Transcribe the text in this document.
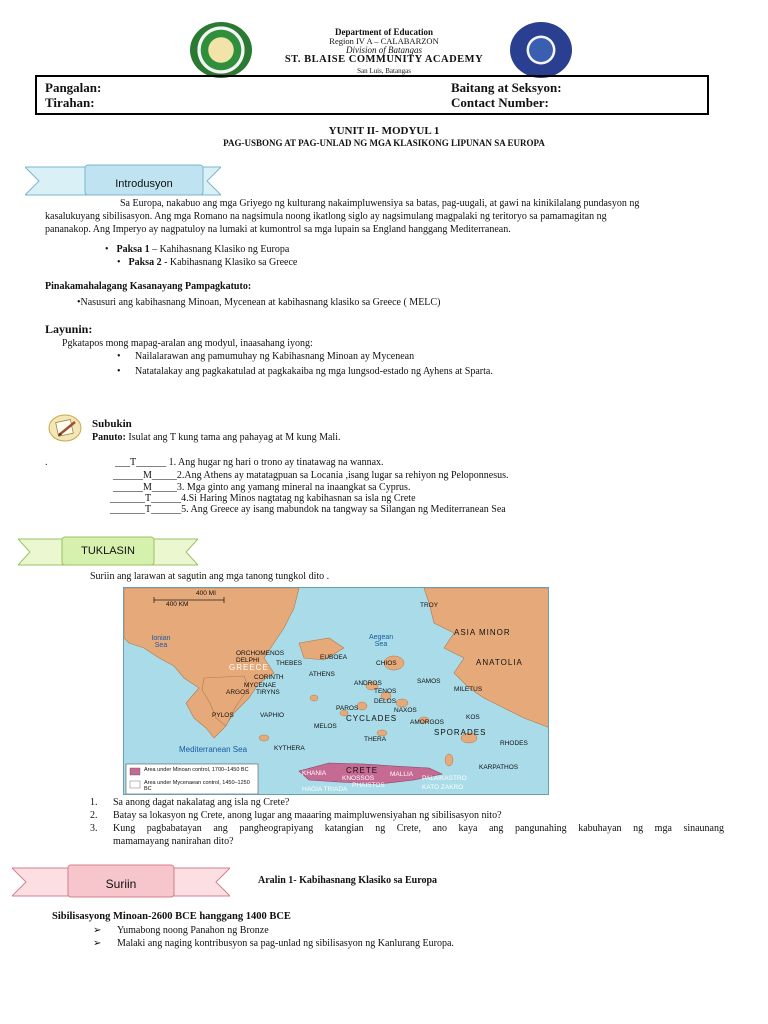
Department of Education
Region IV A – CALABARZON
Division of Batangas
ST. BLAISE COMMUNITY ACADEMY
San Luis, Batangas
Pangalan:
Tirahan:
Baitang at Seksyon:
Contact Number:
YUNIT II- MODYUL 1
PAG-USBONG AT PAG-UNLAD NG MGA KLASIKONG LIPUNAN SA EUROPA
Introdusyon
Sa Europa, nakabuo ang mga Griyego ng kulturang nakaimpluwensiya sa batas, pag-uugali, at gawi na kinikilalang pundasyon ng
kasalukuyang sibilisasyon. Ang mga Romano na nagsimula noong ikatlong siglo ay nagsimulang magpalaki ng teritoryo sa pamamagitan ng
pananakop. Ang Imperyo ay nagpatuloy na lumaki at kumontrol sa mga lupain sa England hanggang Mediterranean.
• Paksa 1 – Kahihasnang Klasiko ng Europa
• Paksa 2 - Kabihasnang Klasiko sa Greece
Pinakamahalagang Kasanayang Pampagkatuto:
•Nasusuri ang kabihasnang Minoan, Mycenean at kabihasnang klasiko sa Greece ( MELC)
Layunin:
Pgkatapos mong mapag-aralan ang modyul, inaasahang iyong:
• Nailalarawan ang pamumuhay ng Kabihasnang Minoan ay Mycenean
• Natatalakay ang pagkakatulad at pagkakaiba ng mga lungsod-estado ng Ayhens at Sparta.
Subukin
Panuto: Isulat ang T kung tama ang pahayag at M kung Mali.
.	___T______ 1. Ang hugar ng hari o trono ay tinatawag na wannax.
______M_____2.Ang Athens ay matatagpuan sa Locania ,isang lugar sa rehiyon ng Peloponnesus.
______M_____3. Mga ginto ang yamang mineral na inaangkat sa Cyprus.
_______T______4.Si Haring Minos nagtatag ng kabihasnan sa isla ng Crete
_______T______5. Ang Greece ay isang mabundok na tangway sa Silangan ng Mediterranean Sea
TUKLASIN
Suriin ang larawan at sagutin ang mga tanong tungkol dito .
400 MI
400 KM
Ionian Sea
Aegean Sea
Mediterranean Sea
ASIA MINOR
ANATOLIA
GREECE
CRETE
SPORADES
CYCLADES
EUBOEA
TROY
ORCHOMENOS
DELPHI	THEBES
CORINTH
MYCENAE
ARGOS TIRYNS
ATHENS
PYLOS	VAPHIO
CHIOS
MILETUS
SAMOS
ANDROS
TENOS
DELOS
MELOS
PAROS	NAXOS
AMORGOS
KOS
THERA
KYTHERA
RHODES
KARPATHOS
KHANIA
KNOSSOS
MALLIA
PHAISTOS
HAGIA TRIADA
PALAIKASTRO
KATO ZAKRO
Area under Minoan control, 1700–1450 BC
Area under Mycenaean control, 1450–1250 BC
1.	Sa anong dagat nakalatag ang isla ng Crete?
2.	Batay sa lokasyon ng Crete, anong lugar ang maaaring maimpluwensiyahan ng sibilisasyon nito?
3.	Kung pagbabatayan ang pangheograpiyang katangian ng Crete, ano kaya ang pangunahing kabuhayan ng mga sinaunang
mamamayang nanirahan dito?
Suriin	Aralin 1- Kabihasnang Klasiko sa Europa
Sibilisasyong Minoan-2600 BCE hanggang 1400 BCE
➢ Yumabong noong Panahon ng Bronze
➢ Malaki ang naging kontribusyon sa pag-unlad ng sibilisasyon ng Kanlurang Europa.
